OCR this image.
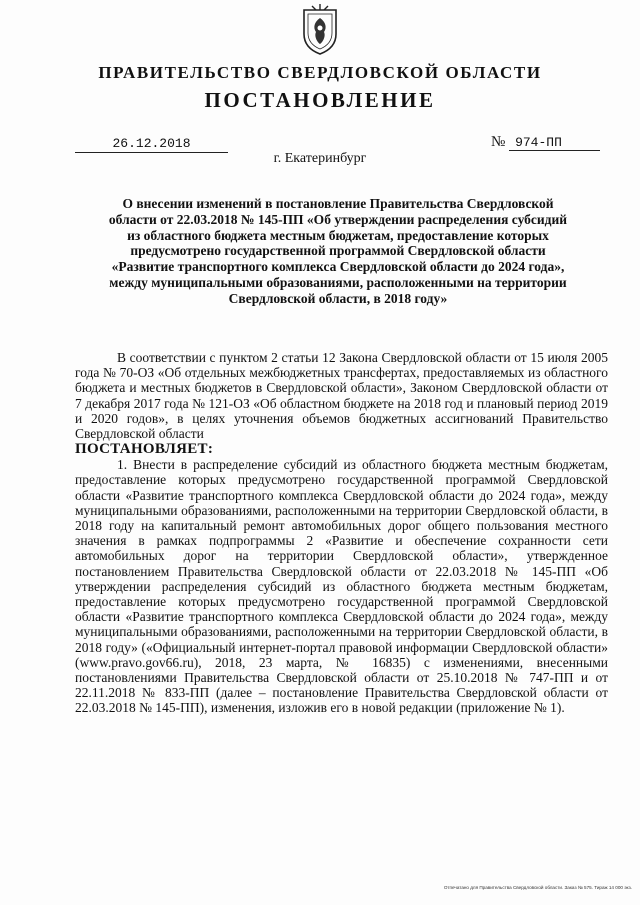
ПРАВИТЕЛЬСТВО СВЕРДЛОВСКОЙ ОБЛАСТИ
ПОСТАНОВЛЕНИЕ
26.12.2018	№ 974-ПП
г. Екатеринбург
О внесении изменений в постановление Правительства Свердловской области от 22.03.2018 № 145-ПП «Об утверждении распределения субсидий из областного бюджета местным бюджетам, предоставление которых предусмотрено государственной программой Свердловской области «Развитие транспортного комплекса Свердловской области до 2024 года», между муниципальными образованиями, расположенными на территории Свердловской области, в 2018 году»

В соответствии с пунктом 2 статьи 12 Закона Свердловской области от 15 июля 2005 года № 70-ОЗ «Об отдельных межбюджетных трансфертах, предоставляемых из областного бюджета и местных бюджетов в Свердловской области», Законом Свердловской области от 7 декабря 2017 года № 121-ОЗ «Об областном бюджете на 2018 год и плановый период 2019 и 2020 годов», в целях уточнения объемов бюджетных ассигнований Правительство Свердловской области

ПОСТАНОВЛЯЕТ:

1. Внести в распределение субсидий из областного бюджета местным бюджетам, предоставление которых предусмотрено государственной программой Свердловской области «Развитие транспортного комплекса Свердловской области до 2024 года», между муниципальными образованиями, расположенными на территории Свердловской области, в 2018 году на капитальный ремонт автомобильных дорог общего пользования местного значения в рамках подпрограммы 2 «Развитие и обеспечение сохранности сети автомобильных дорог на территории Свердловской области», утвержденное постановлением Правительства Свердловской области от 22.03.2018 № 145-ПП «Об утверждении распределения субсидий из областного бюджета местным бюджетам, предоставление которых предусмотрено государственной программой Свердловской области «Развитие транспортного комплекса Свердловской области до 2024 года», между муниципальными образованиями, расположенными на территории Свердловской области, в 2018 году» («Официальный интернет-портал правовой информации Свердловской области» (www.pravo.gov66.ru), 2018, 23 марта, № 16835) с изменениями, внесенными постановлениями Правительства Свердловской области от 25.10.2018 № 747-ПП и от 22.11.2018 № 833-ПП (далее – постановление Правительства Свердловской области от 22.03.2018 № 145-ПП), изменения, изложив его в новой редакции (приложение № 1).

Отпечатано для Правительства Свердловской области. Заказ № 575. Тираж 14 000 экз.
